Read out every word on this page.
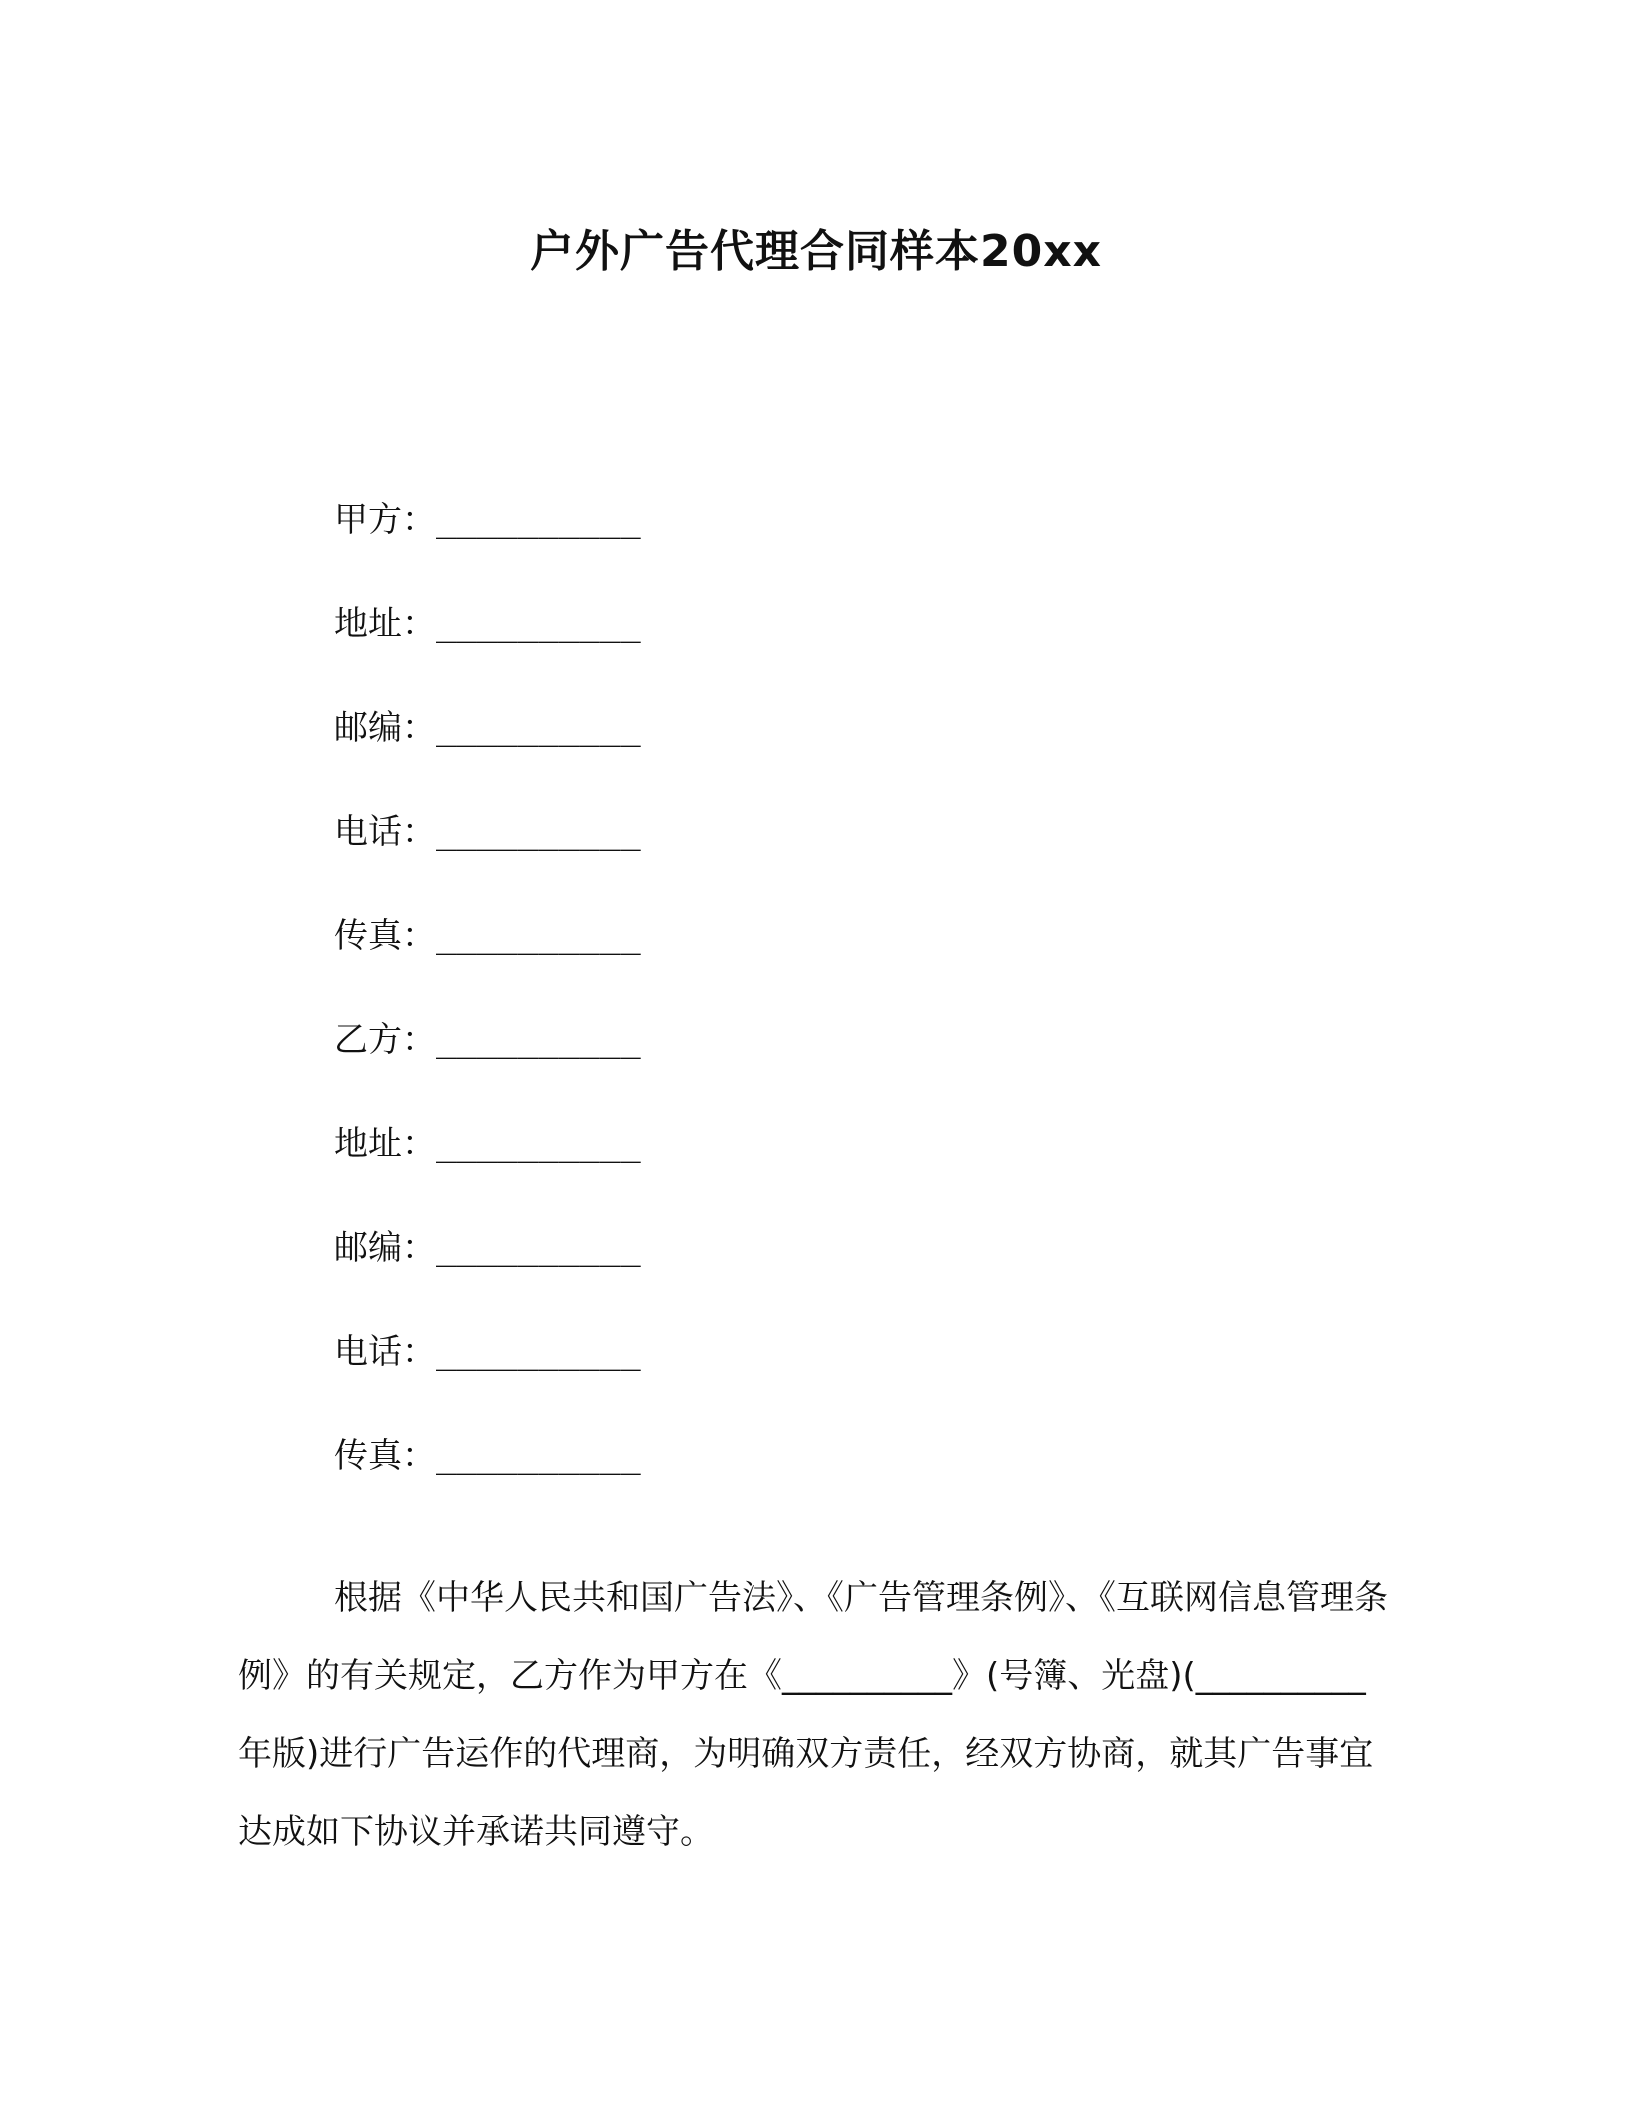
户外广告代理合同样本20xx
甲方： __________
地址： __________
邮编： __________
电话： __________
传真： __________
乙方： __________
地址： __________
邮编： __________
电话： __________
传真： __________

根据《中华人民共和国广告法》、《广告管理条例》、《互联网信息管理条例》的有关规定，乙方作为甲方在《__________》(号簿、光盘)(__________年版)进行广告运作的代理商，为明确双方责任，经双方协商，就其广告事宜达成如下协议并承诺共同遵守。
